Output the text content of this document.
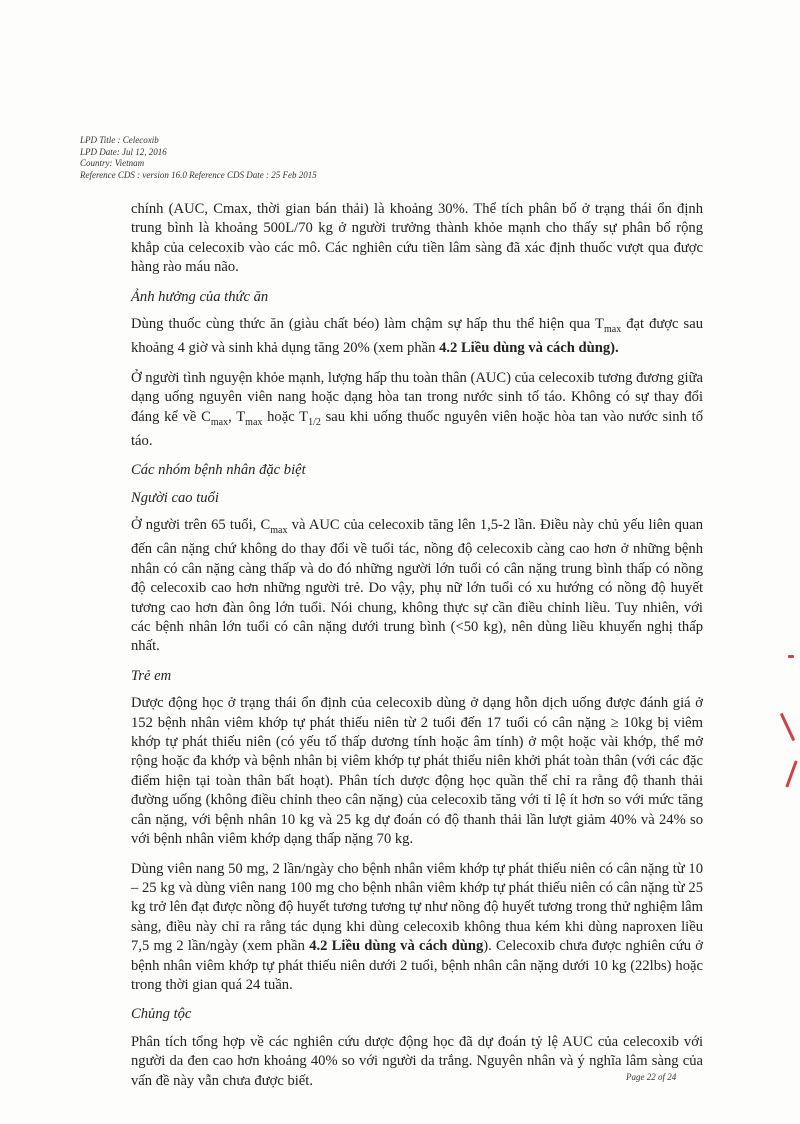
LPD Title : Celecoxib
LPD Date: Jul 12, 2016
Country: Vietnam
Reference CDS : version 16.0 Reference CDS Date : 25 Feb 2015

chính (AUC, Cmax, thời gian bán thải) là khoảng 30%. Thể tích phân bố ở trạng thái ổn định trung bình là khoảng 500L/70 kg ở người trưởng thành khỏe mạnh cho thấy sự phân bố rộng khắp của celecoxib vào các mô. Các nghiên cứu tiền lâm sàng đã xác định thuốc vượt qua được hàng rào máu não.

Ảnh hưởng của thức ăn

Dùng thuốc cùng thức ăn (giàu chất béo) làm chậm sự hấp thu thể hiện qua $T_{max}$ đạt được sau khoảng 4 giờ và sinh khả dụng tăng 20% (xem phần 4.2 Liều dùng và cách dùng).

Ở người tình nguyện khỏe mạnh, lượng hấp thu toàn thân (AUC) của celecoxib tương đương giữa dạng uống nguyên viên nang hoặc dạng hòa tan trong nước sinh tố táo. Không có sự thay đổi đáng kể về $C_{max}$, $T_{max}$ hoặc $T_{1/2}$ sau khi uống thuốc nguyên viên hoặc hòa tan vào nước sinh tố táo.

Các nhóm bệnh nhân đặc biệt

Người cao tuổi

Ở người trên 65 tuổi, $C_{max}$ và AUC của celecoxib tăng lên 1,5-2 lần. Điều này chủ yếu liên quan đến cân nặng chứ không do thay đổi về tuổi tác, nồng độ celecoxib càng cao hơn ở những bệnh nhân có cân nặng càng thấp và do đó những người lớn tuổi có cân nặng trung bình thấp có nồng độ celecoxib cao hơn những người trẻ. Do vậy, phụ nữ lớn tuổi có xu hướng có nồng độ huyết tương cao hơn đàn ông lớn tuổi. Nói chung, không thực sự cần điều chỉnh liều. Tuy nhiên, với các bệnh nhân lớn tuổi có cân nặng dưới trung bình (<50 kg), nên dùng liều khuyến nghị thấp nhất.

Trẻ em

Dược động học ở trạng thái ổn định của celecoxib dùng ở dạng hỗn dịch uống được đánh giá ở 152 bệnh nhân viêm khớp tự phát thiếu niên từ 2 tuổi đến 17 tuổi có cân nặng ≥ 10kg bị viêm khớp tự phát thiếu niên (có yếu tố thấp dương tính hoặc âm tính) ở một hoặc vài khớp, thể mở rộng hoặc đa khớp và bệnh nhân bị viêm khớp tự phát thiếu niên khởi phát toàn thân (với các đặc điểm hiện tại toàn thân bất hoạt). Phân tích dược động học quần thể chỉ ra rằng độ thanh thải đường uống (không điều chỉnh theo cân nặng) của celecoxib tăng với tỉ lệ ít hơn so với mức tăng cân nặng, với bệnh nhân 10 kg và 25 kg dự đoán có độ thanh thải lần lượt giảm 40% và 24% so với bệnh nhân viêm khớp dạng thấp nặng 70 kg.

Dùng viên nang 50 mg, 2 lần/ngày cho bệnh nhân viêm khớp tự phát thiếu niên có cân nặng từ 10 – 25 kg và dùng viên nang 100 mg cho bệnh nhân viêm khớp tự phát thiếu niên có cân nặng từ 25 kg trở lên đạt được nồng độ huyết tương tương tự như nồng độ huyết tương trong thử nghiệm lâm sàng, điều này chỉ ra rằng tác dụng khi dùng celecoxib không thua kém khi dùng naproxen liều 7,5 mg 2 lần/ngày (xem phần 4.2 Liều dùng và cách dùng). Celecoxib chưa được nghiên cứu ở bệnh nhân viêm khớp tự phát thiếu niên dưới 2 tuổi, bệnh nhân cân nặng dưới 10 kg (22lbs) hoặc trong thời gian quá 24 tuần.

Chủng tộc

Phân tích tổng hợp về các nghiên cứu dược động học đã dự đoán tỷ lệ AUC của celecoxib với người da đen cao hơn khoảng 40% so với người da trắng. Nguyên nhân và ý nghĩa lâm sàng của vấn đề này vẫn chưa được biết.	Page 22 of 24
